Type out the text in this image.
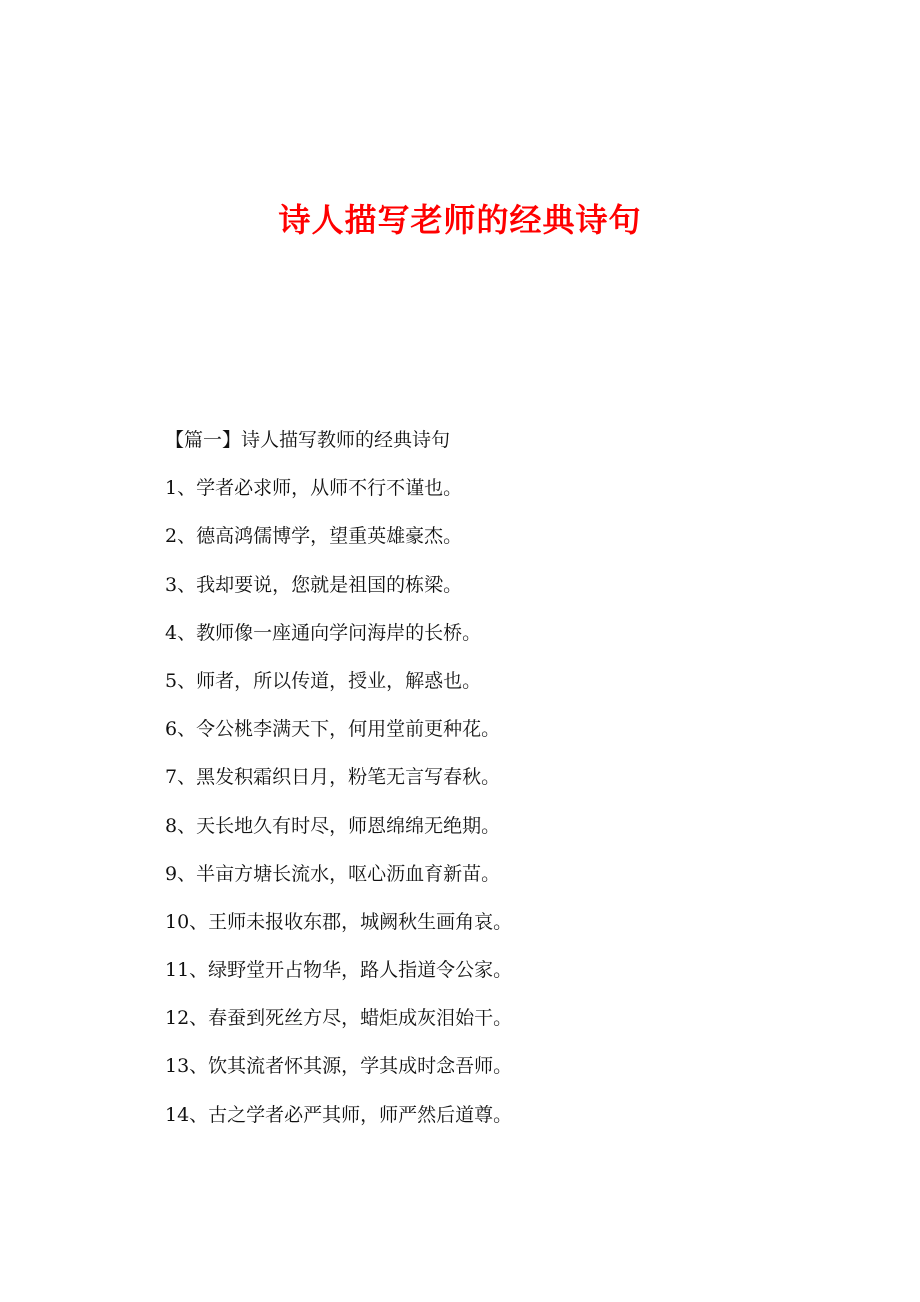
诗人描写老师的经典诗句
【篇一】诗人描写教师的经典诗句
1、学者必求师，从师不行不谨也。
2、德高鸿儒博学，望重英雄豪杰。
3、我却要说，您就是祖国的栋梁。
4、教师像一座通向学问海岸的长桥。
5、师者，所以传道，授业，解惑也。
6、令公桃李满天下，何用堂前更种花。
7、黑发积霜织日月，粉笔无言写春秋。
8、天长地久有时尽，师恩绵绵无绝期。
9、半亩方塘长流水，呕心沥血育新苗。
10、王师未报收东郡，城阙秋生画角哀。
11、绿野堂开占物华，路人指道令公家。
12、春蚕到死丝方尽，蜡炬成灰泪始干。
13、饮其流者怀其源，学其成时念吾师。
14、古之学者必严其师，师严然后道尊。
